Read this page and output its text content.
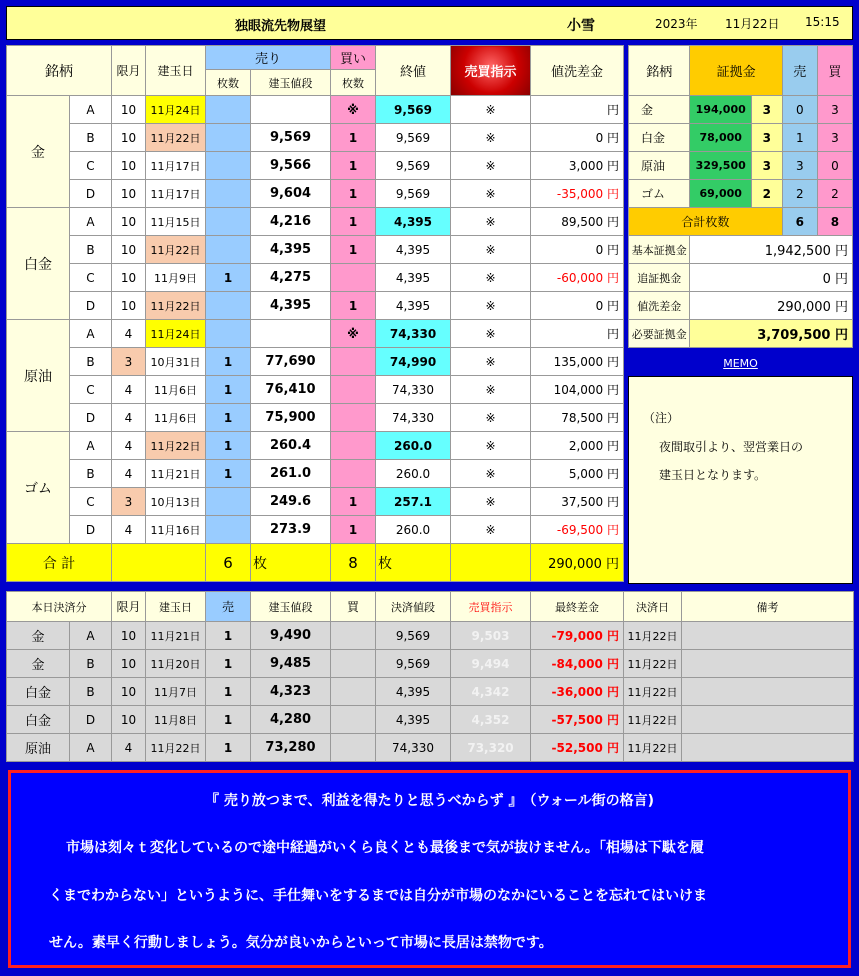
独眼流先物展望	小雪	2023年 11月22日 15:15
銘柄		限月	建玉日	売り		買い	終値	売買指示	値洗差金
				枚数	建玉値段	枚数			
金	A	10	11月24日			※	9,569	※	円
	B	10	11月22日		9,569	1	9,569	※	0 円
	C	10	11月17日		9,566	1	9,569	※	3,000 円
	D	10	11月17日		9,604	1	9,569	※	-35,000 円
白金	A	10	11月15日		4,216	1	4,395	※	89,500 円
	B	10	11月22日		4,395	1	4,395	※	0 円
	C	10	11月9日	1	4,275		4,395	※	-60,000 円
	D	10	11月22日		4,395	1	4,395	※	0 円
原油	A	4	11月24日			※	74,330	※	円
	B	3	10月31日	1	77,690		74,990	※	135,000 円
	C	4	11月6日	1	76,410		74,330	※	104,000 円
	D	4	11月6日	1	75,900		74,330	※	78,500 円
ゴム	A	4	11月22日	1	260.4		260.0	※	2,000 円
	B	4	11月21日	1	261.0		260.0	※	5,000 円
	C	3	10月13日		249.6	1	257.1	※	37,500 円
	D	4	11月16日		273.9	1	260.0	※	-69,500 円
合 計				6	枚	8	枚		290,000 円
銘柄	証拠金		売	買
金	194,000	3	0	3
白金	78,000	3	1	3
原油	329,500	3	3	0
ゴム	69,000	2	2	2
合計枚数			6	8
基本証拠金	1,942,500 円			
追証拠金	0 円			
値洗差金	290,000 円			
必要証拠金	3,709,500 円			
MEMO
（注）
夜間取引より、翌営業日の
建玉日となります。
本日決済分		限月	建玉日	売	建玉値段	買	決済値段	売買指示	最終差金	決済日	備考
金	A	10	11月21日	1	9,490		9,569	9,503	-79,000 円	11月22日	
金	B	10	11月20日	1	9,485		9,569	9,494	-84,000 円	11月22日	
白金	B	10	11月7日	1	4,323		4,395	4,342	-36,000 円	11月22日	
白金	D	10	11月8日	1	4,280		4,395	4,352	-57,500 円	11月22日	
原油	A	4	11月22日	1	73,280		74,330	73,320	-52,500 円	11月22日	

『 売り放つまで、利益を得たりと思うべからず 』　（ウォール街の格言)

市場は刻々ｔ変化しているので途中経過がいくら良くとも最後まで気が抜けません。「相場は下駄を履

くまでわからない」というように、手仕舞いをするまでは自分が市場のなかにいることを忘れてはいけま

せん。素早く行動しましょう。気分が良いからといって市場に長居は禁物です。
